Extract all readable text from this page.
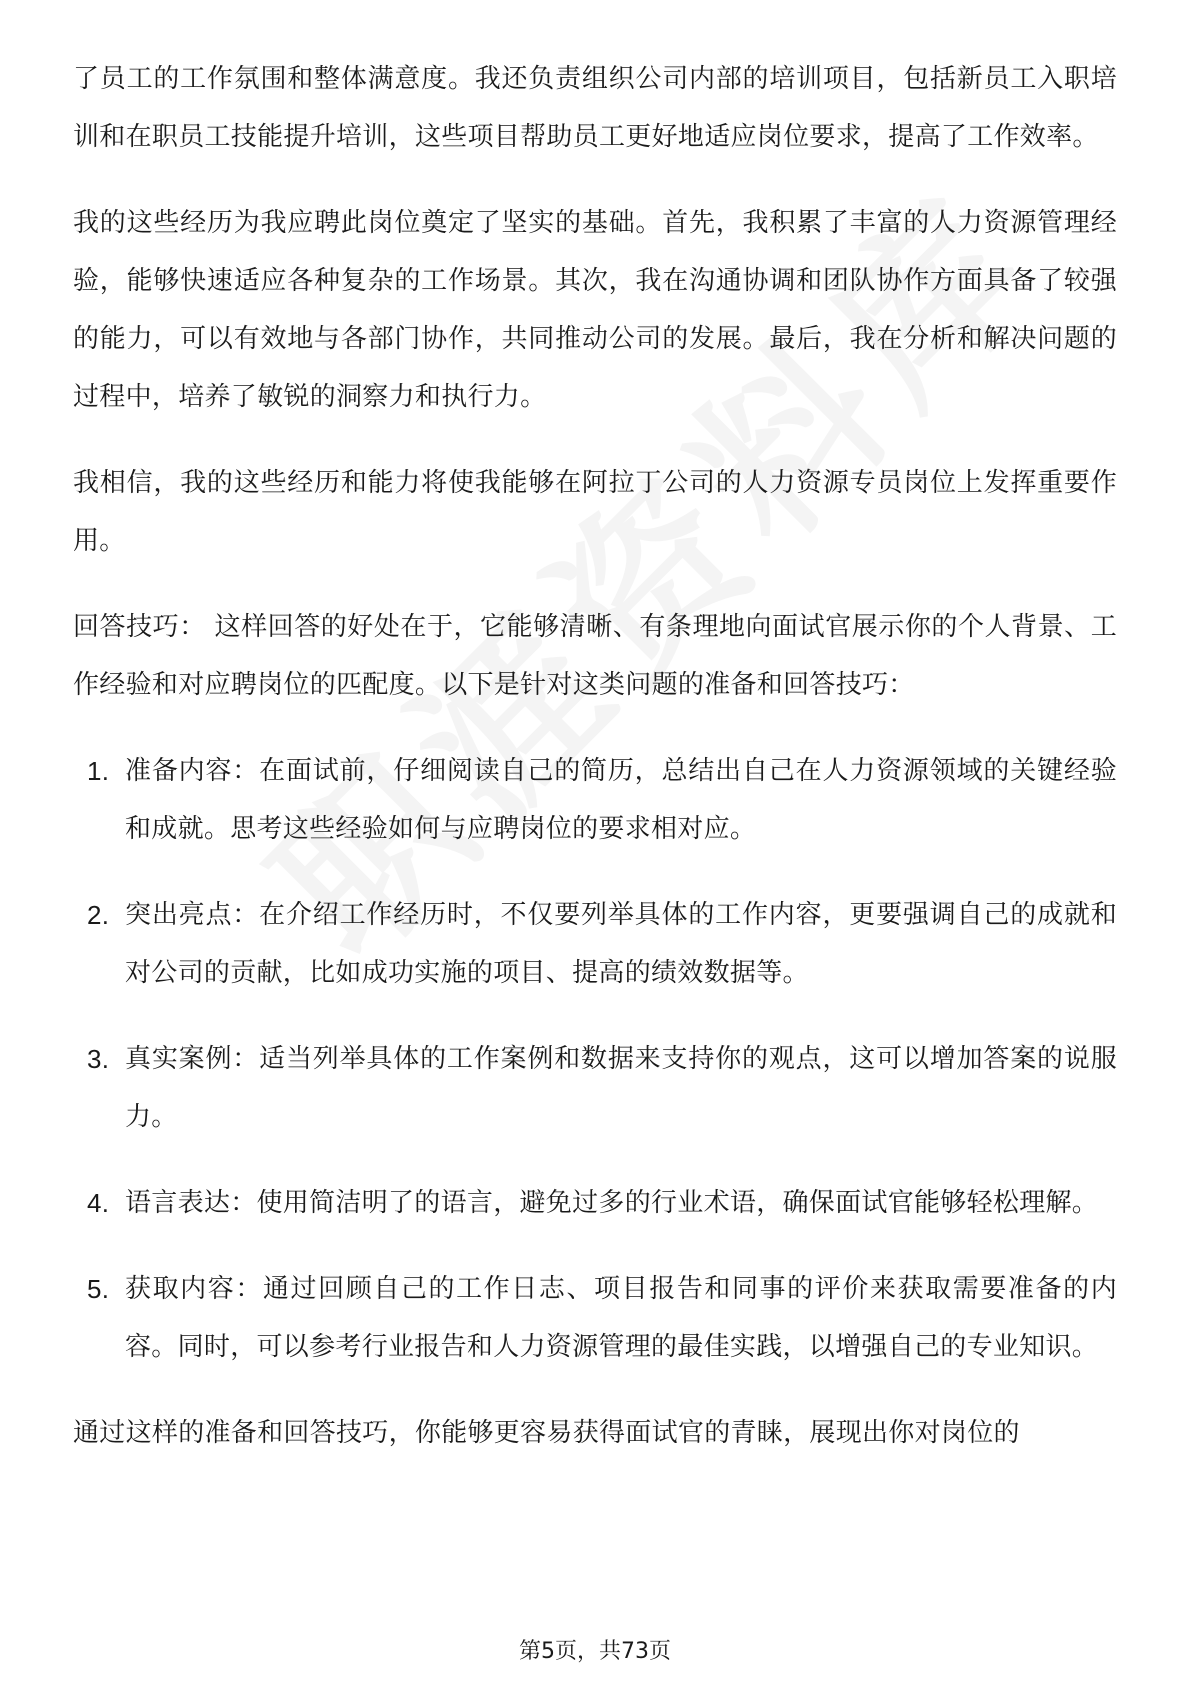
了员工的工作氛围和整体满意度。我还负责组织公司内部的培训项目，包括新员工入职培训和在职员工技能提升培训，这些项目帮助员工更好地适应岗位要求，提高了工作效率。

我的这些经历为我应聘此岗位奠定了坚实的基础。首先，我积累了丰富的人力资源管理经验，能够快速适应各种复杂的工作场景。其次，我在沟通协调和团队协作方面具备了较强的能力，可以有效地与各部门协作，共同推动公司的发展。最后，我在分析和解决问题的过程中，培养了敏锐的洞察力和执行力。

我相信，我的这些经历和能力将使我能够在阿拉丁公司的人力资源专员岗位上发挥重要作用。

回答技巧： 这样回答的好处在于，它能够清晰、有条理地向面试官展示你的个人背景、工作经验和对应聘岗位的匹配度。以下是针对这类问题的准备和回答技巧：

1. 准备内容：在面试前，仔细阅读自己的简历，总结出自己在人力资源领域的关键经验和成就。思考这些经验如何与应聘岗位的要求相对应。
2. 突出亮点：在介绍工作经历时，不仅要列举具体的工作内容，更要强调自己的成就和对公司的贡献，比如成功实施的项目、提高的绩效数据等。
3. 真实案例：适当列举具体的工作案例和数据来支持你的观点，这可以增加答案的说服力。
4. 语言表达：使用简洁明了的语言，避免过多的行业术语，确保面试官能够轻松理解。
5. 获取内容：通过回顾自己的工作日志、项目报告和同事的评价来获取需要准备的内容。同时，可以参考行业报告和人力资源管理的最佳实践，以增强自己的专业知识。

通过这样的准备和回答技巧，你能够更容易获得面试官的青睐，展现出你对岗位的

第5页，共73页
